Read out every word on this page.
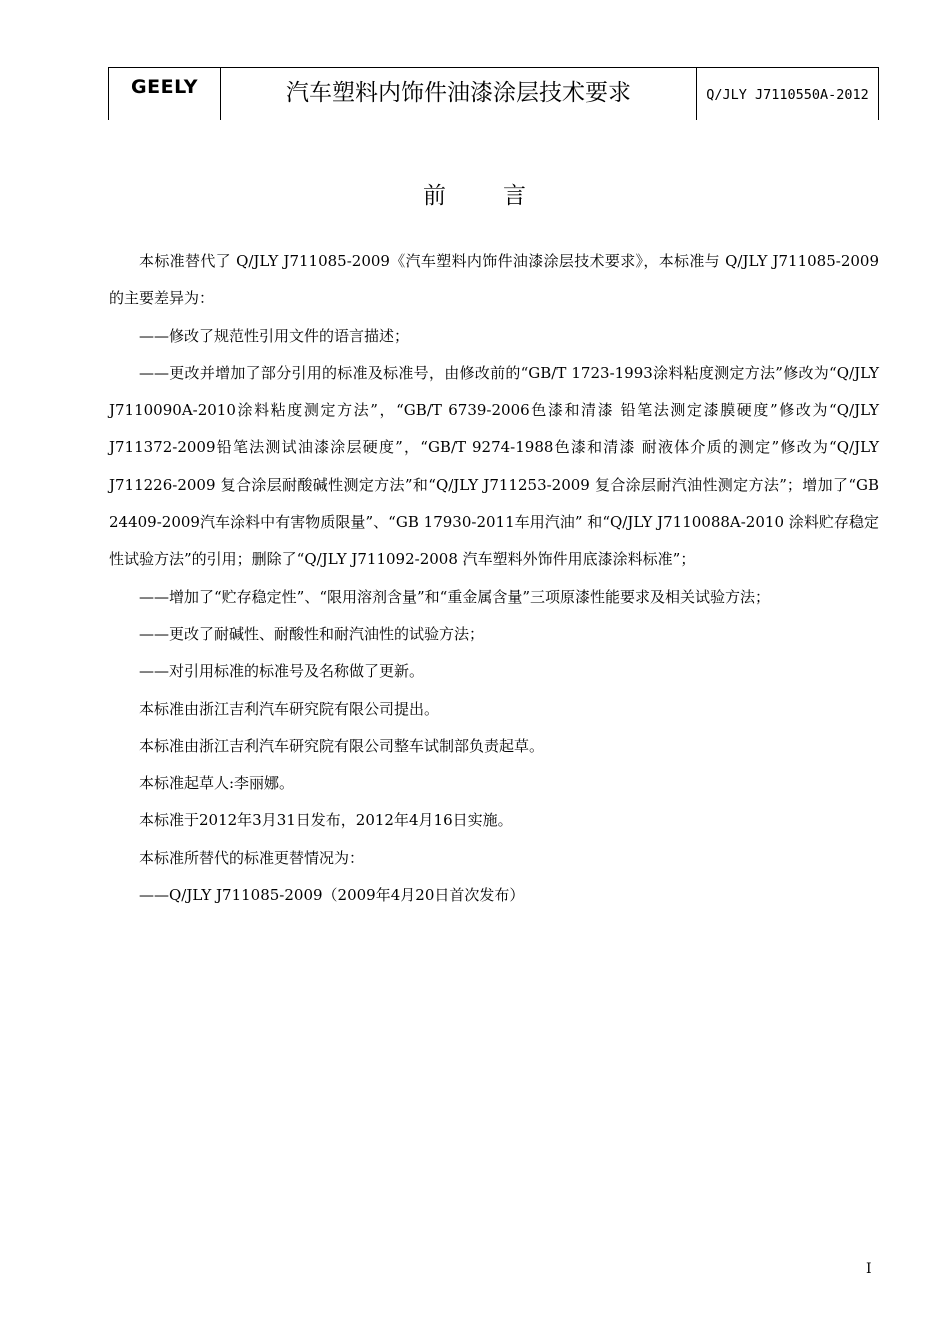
GEELY	汽车塑料内饰件油漆涂层技术要求	Q/JLY J7110550A-2012
前 言

本标准替代了 Q/JLY J711085-2009《汽车塑料内饰件油漆涂层技术要求》，本标准与 Q/JLY J711085-2009的主要差异为：

——修改了规范性引用文件的语言描述；

——更改并增加了部分引用的标准及标准号，由修改前的“GB/T 1723-1993涂料粘度测定方法”修改为“Q/JLY J7110090A-2010涂料粘度测定方法”，“GB/T 6739-2006色漆和清漆 铅笔法测定漆膜硬度”修改为“Q/JLY J711372-2009铅笔法测试油漆涂层硬度”，“GB/T 9274-1988色漆和清漆 耐液体介质的测定”修改为“Q/JLY J711226-2009 复合涂层耐酸碱性测定方法”和“Q/JLY J711253-2009 复合涂层耐汽油性测定方法”；增加了“GB 24409-2009汽车涂料中有害物质限量”、“GB 17930-2011车用汽油” 和“Q/JLY J7110088A-2010 涂料贮存稳定性试验方法”的引用；删除了“Q/JLY J711092-2008 汽车塑料外饰件用底漆涂料标准”；

——增加了“贮存稳定性”、“限用溶剂含量”和“重金属含量”三项原漆性能要求及相关试验方法；

——更改了耐碱性、耐酸性和耐汽油性的试验方法；

——对引用标准的标准号及名称做了更新。

本标准由浙江吉利汽车研究院有限公司提出。

本标准由浙江吉利汽车研究院有限公司整车试制部负责起草。

本标准起草人:李丽娜。

本标准于2012年3月31日发布，2012年4月16日实施。

本标准所替代的标准更替情况为：

——Q/JLY J711085-2009（2009年4月20日首次发布）

I
